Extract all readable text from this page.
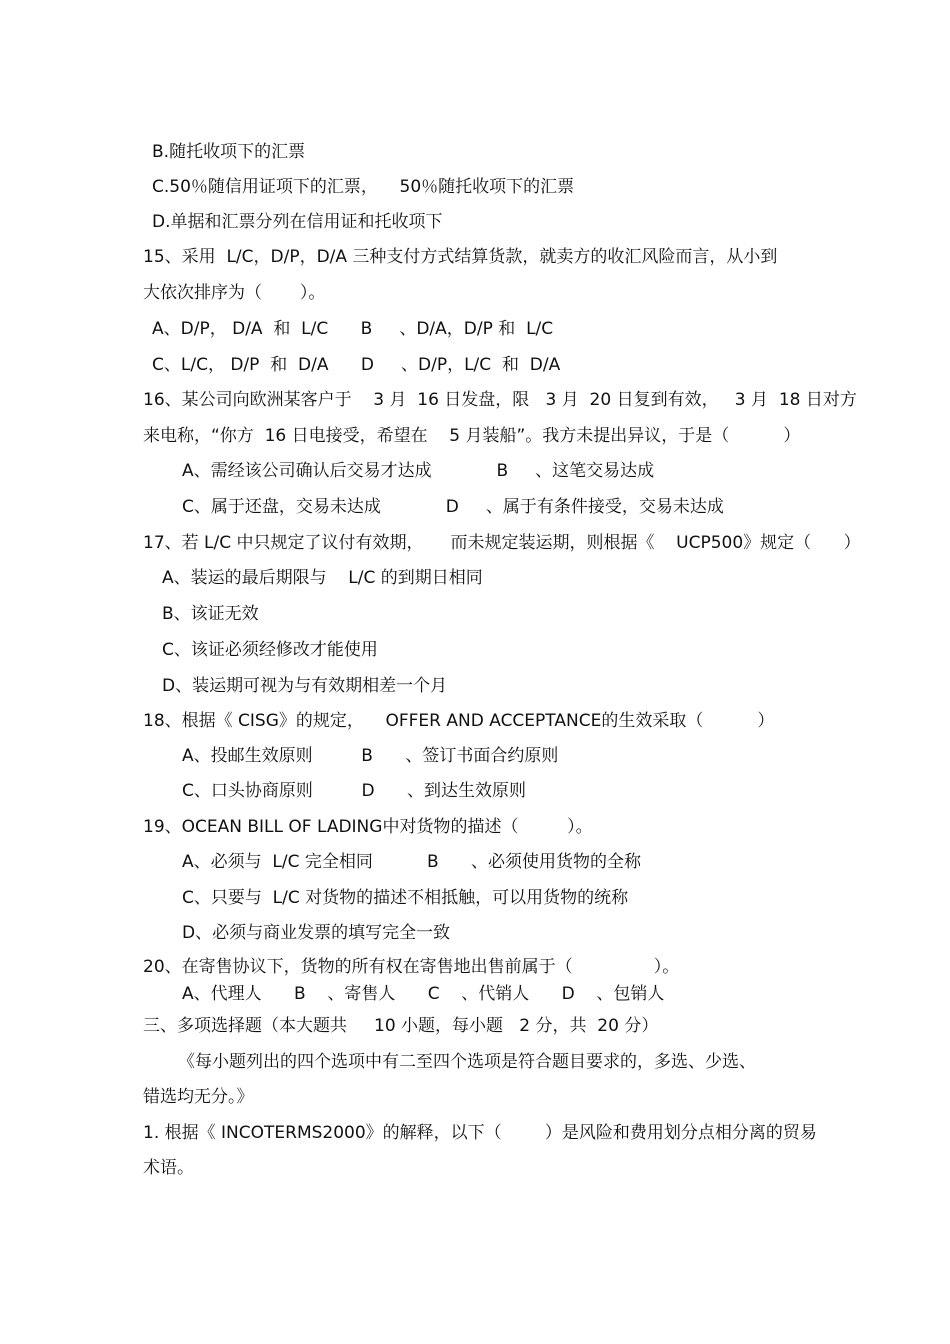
B.随托收项下的汇票
C.50％随信用证项下的汇票，    50％随托收项下的汇票
D.单据和汇票分列在信用证和托收项下
15、采用  L/C，D/P，D/A 三种支付方式结算货款，就卖方的收汇风险而言，从小到
大依次排序为（       ）。
A、D/P， D/A  和  L/C      B     、D/A，D/P 和  L/C
C、L/C， D/P  和  D/A      D     、D/P，L/C  和  D/A
16、某公司向欧洲某客户于    3 月  16 日发盘，限   3 月  20 日复到有效，   3 月  18 日对方
来电称，“你方  16 日电接受，希望在    5 月装船”。我方未提出异议，于是（          ）
A、需经该公司确认后交易才达成            B     、这笔交易达成
C、属于还盘，交易未达成            D     、属于有条件接受，交易未达成
17、若 L/C 中只规定了议付有效期，     而未规定装运期，则根据《    UCP500》规定（      ）
A、装运的最后期限与    L/C 的到期日相同
B、该证无效
C、该证必须经修改才能使用
D、装运期可视为与有效期相差一个月
18、根据《 CISG》的规定，    OFFER AND ACCEPTANCE的生效采取（          ）
A、投邮生效原则         B      、签订书面合约原则
C、口头协商原则         D      、到达生效原则
19、OCEAN BILL OF LADING中对货物的描述（         ）。
A、必须与  L/C 完全相同          B      、必须使用货物的全称
C、只要与  L/C 对货物的描述不相抵触，可以用货物的统称
D、必须与商业发票的填写完全一致
20、在寄售协议下，货物的所有权在寄售地出售前属于（               ）。
A、代理人      B    、寄售人      C    、代销人      D    、包销人
三、多项选择题（本大题共     10 小题，每小题   2 分，共  20 分）
《每小题列出的四个选项中有二至四个选项是符合题目要求的，多选、少选、
错选均无分。》
1. 根据《 INCOTERMS2000》的解释，以下（        ）是风险和费用划分点相分离的贸易
术语。
